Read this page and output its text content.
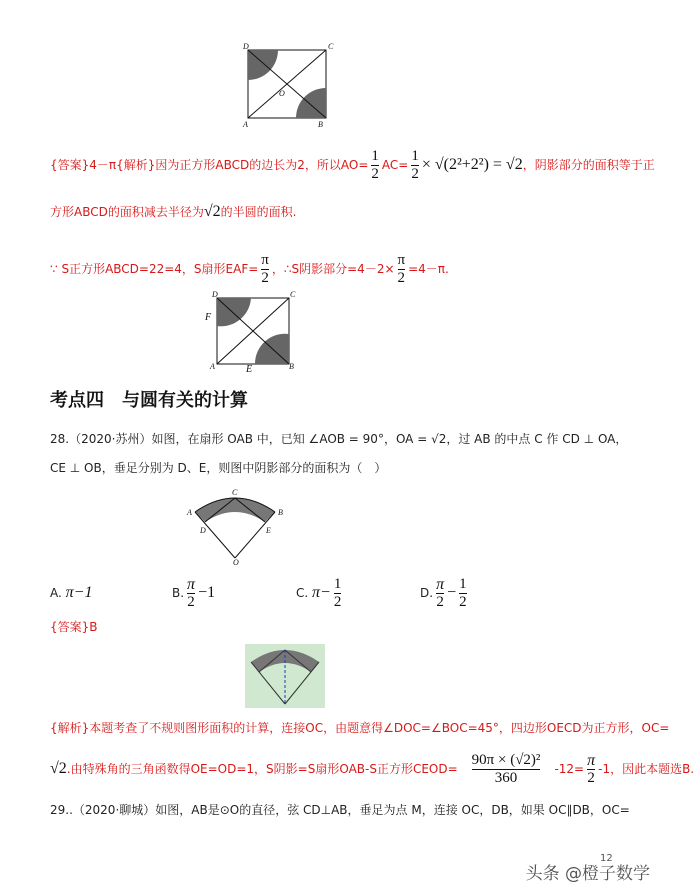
D	C
O
A	B
{答案}4－π{解析}因为正方形ABCD的边长为2，所以$AO= \frac{1}{2} AC= \frac{1}{2} \times √(2^2+2^2) = √2$，阴影部分的面积等于正
方形ABCD的面积减去半径为√2的半圆的面积.
∵ S正方形ABCD=22=4，S扇形$EAF= \frac{\pi}{2}$ ，∴S阴影部分$=4-2\times \frac{\pi}{2} =4-\pi$.
D	C
F
A	E	B
考点四　与圆有关的计算
28.（2020·苏州）如图，在扇形 OAB 中，已知 ∠AOB = 90°，OA = √2，过 AB 的中点 C 作 CD ⊥ OA，
CE ⊥ OB，垂足分别为 D、E，则图中阴影部分的面积为（　）
C
A	B
D	E
O
A. π−1	B. $\frac{\pi}{2} -1$	C. $\pi- \frac{1}{2}$	D. $\frac{\pi}{2} - \frac{1}{2}$
{答案}B
{解析}本题考查了不规则图形面积的计算，连接OC，由题意得∠DOC=∠BOC=45°，四边形OECD为正方形，OC=
√2.由特殊角的三角函数得OE=OD=1，S阴影=S扇形OAB-S正方形CEOD= $\frac{\text{90π × (√2)²}}{360} -12= \frac{\pi}{2} -1$，因此本题选B.
29..（2020·聊城）如图，AB是⊙O的直径，弦 CD⊥AB，垂足为点 M，连接 OC，DB，如果 OC∥DB，OC=
12
头条 @橙子数学
